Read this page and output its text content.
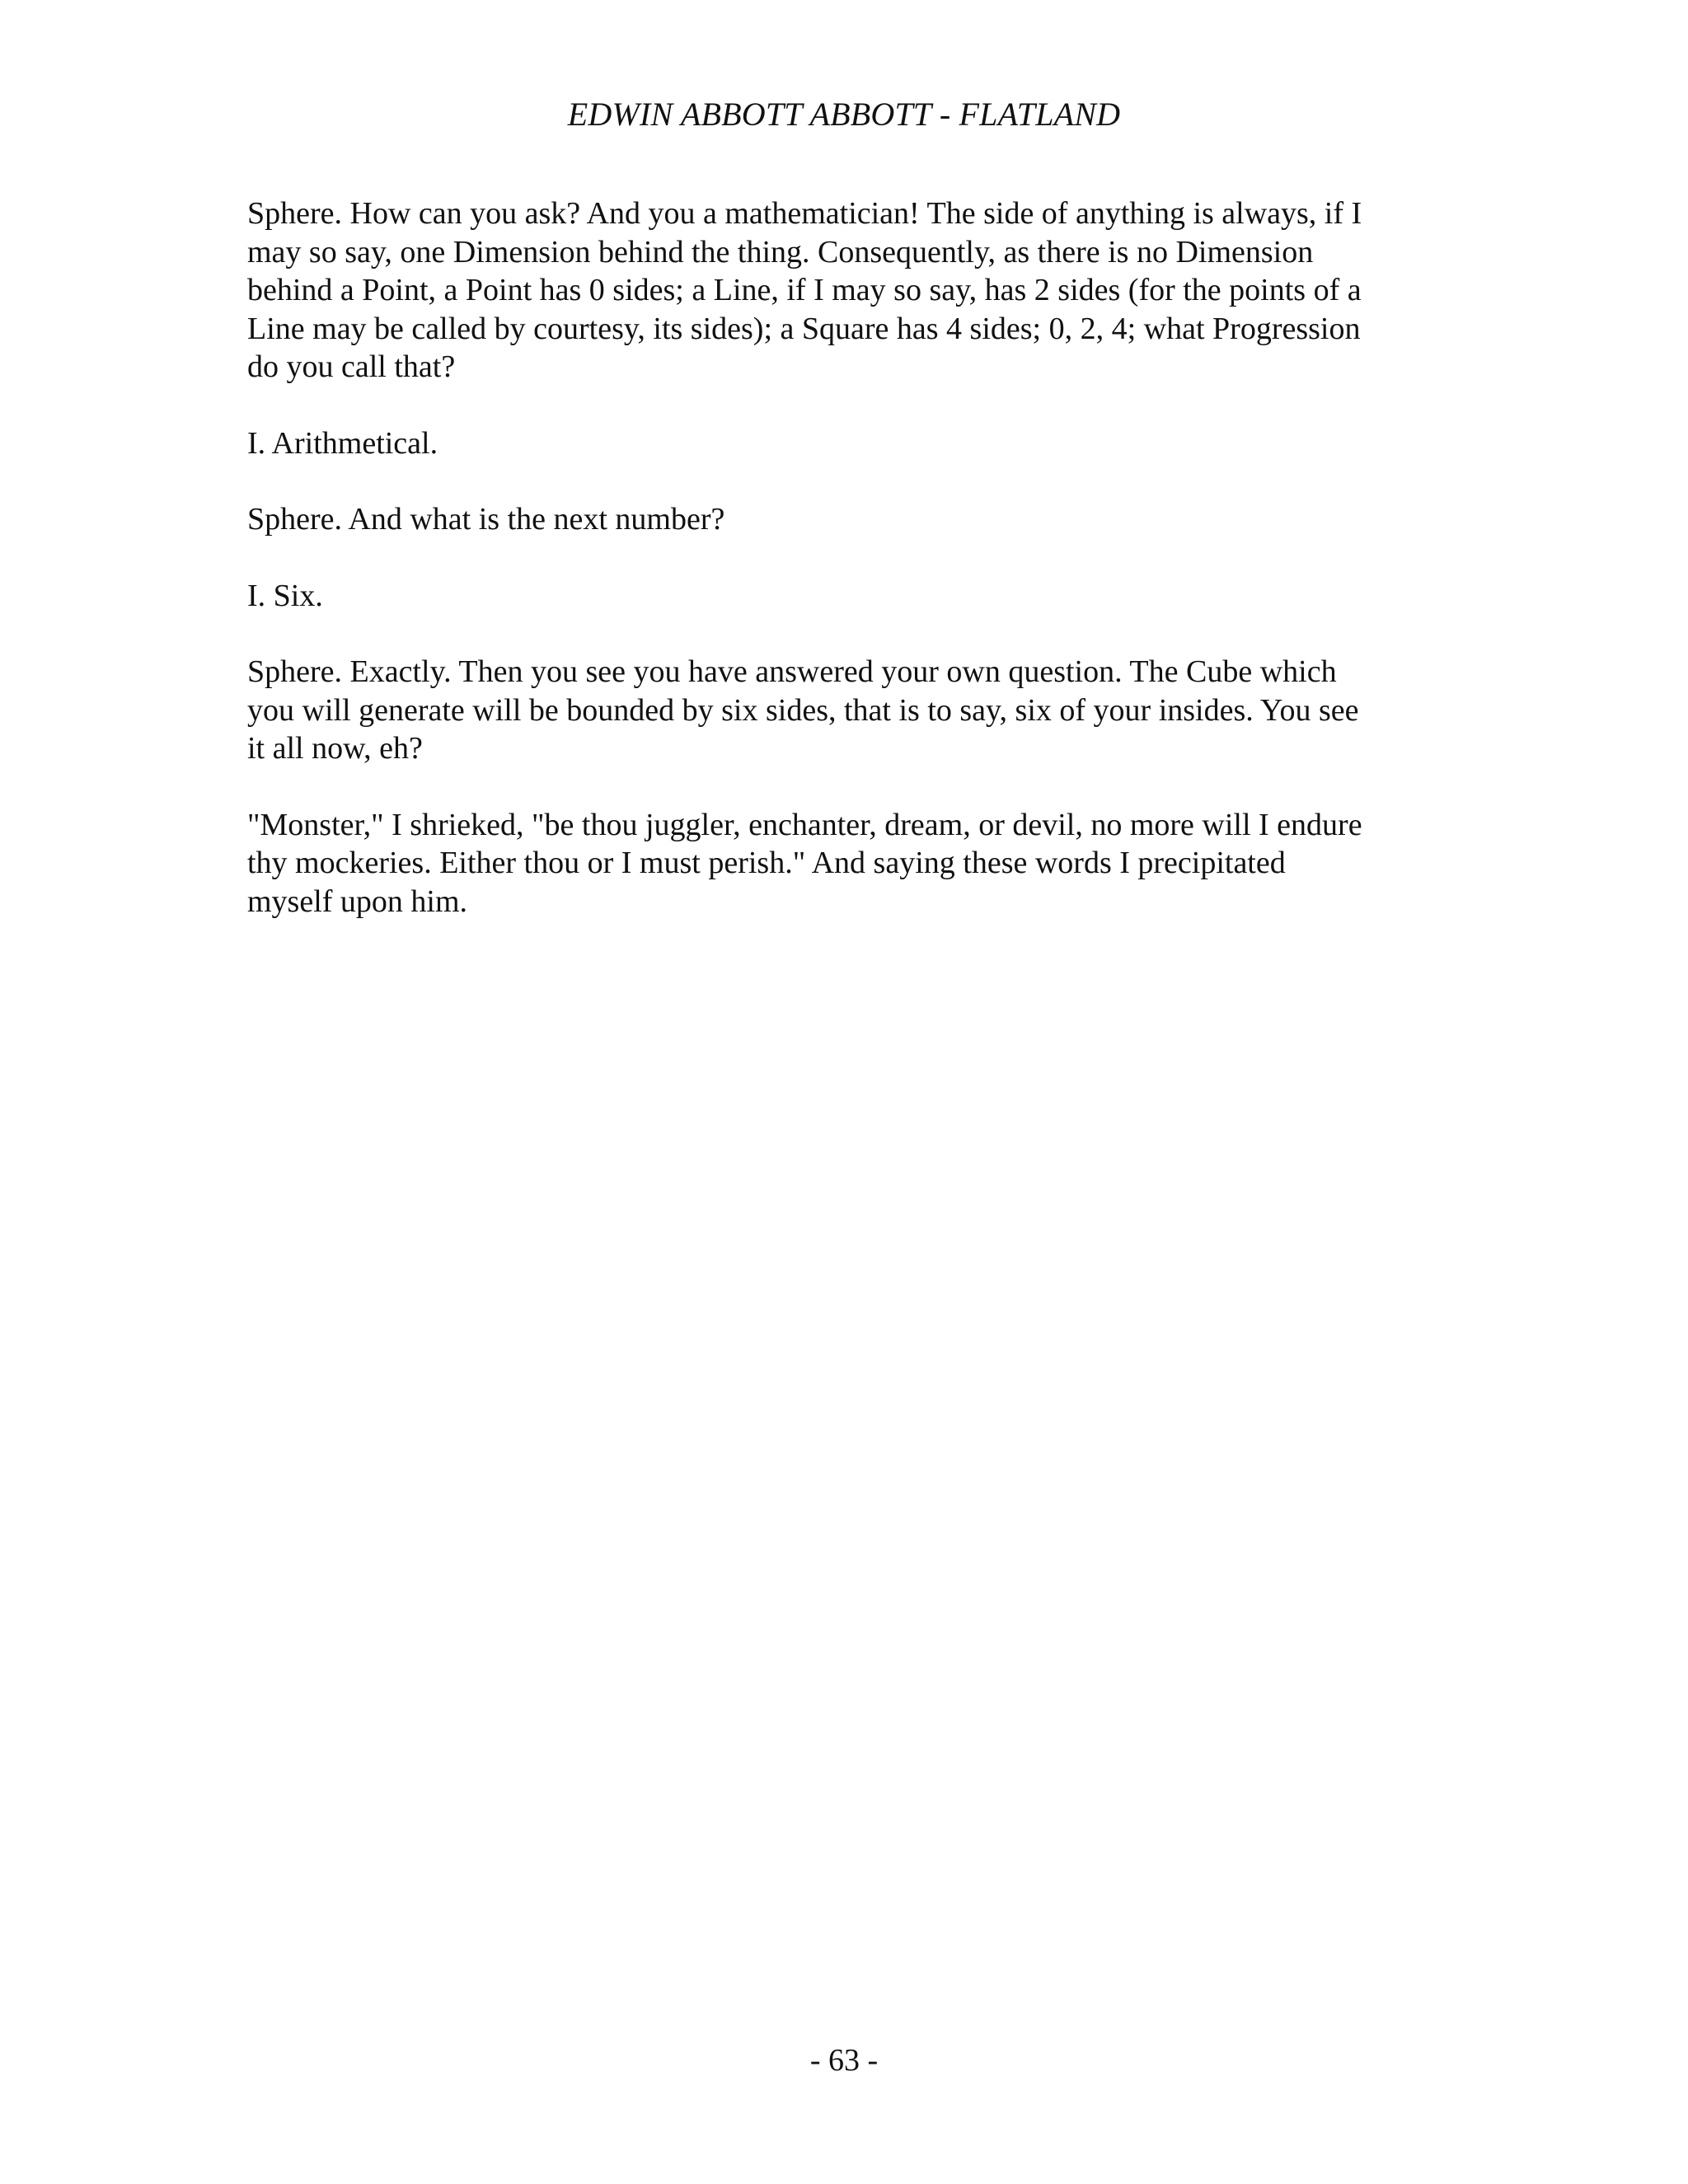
EDWIN ABBOTT ABBOTT - FLATLAND

Sphere. How can you ask? And you a mathematician! The side of anything is always, if I
may so say, one Dimension behind the thing. Consequently, as there is no Dimension
behind a Point, a Point has 0 sides; a Line, if I may so say, has 2 sides (for the points of a
Line may be called by courtesy, its sides); a Square has 4 sides; 0, 2, 4; what Progression
do you call that?

I. Arithmetical.

Sphere. And what is the next number?

I. Six.

Sphere. Exactly. Then you see you have answered your own question. The Cube which
you will generate will be bounded by six sides, that is to say, six of your insides. You see
it all now, eh?

"Monster," I shrieked, "be thou juggler, enchanter, dream, or devil, no more will I endure
thy mockeries. Either thou or I must perish." And saying these words I precipitated
myself upon him.

- 63 -
